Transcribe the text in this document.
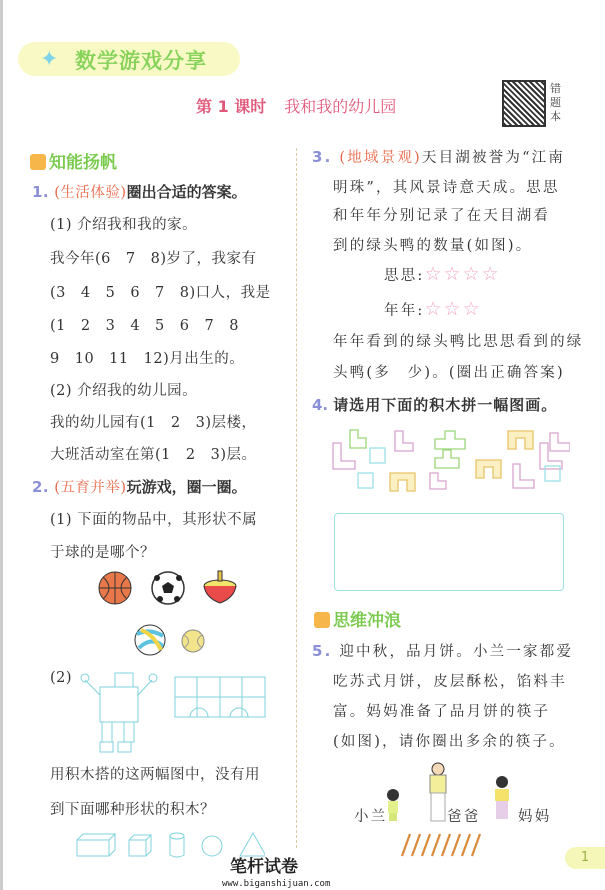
✦ 数学游戏分享
第 1 课时 我和我的幼儿园
错题本
知能扬帆
1. (生活体验)圈出合适的答案。
(1) 介绍我和我的家。
我今年(6　7　8)岁了，我家有
(3　4　5　6　7　8)口人，我是
(1　2　3　4　5　6　7　8
9　10　11　12)月出生的。
(2) 介绍我的幼儿园。
我的幼儿园有(1　2　3)层楼，
大班活动室在第(1　2　3)层。
2. (五育并举)玩游戏，圈一圈。
(1) 下面的物品中，其形状不属
于球的是哪个？
(2)
用积木搭的这两幅图中，没有用
到下面哪种形状的积木？
3. (地域景观)天目湖被誉为“江南
明珠”，其风景诗意天成。思思
和年年分别记录了在天目湖看
到的绿头鸭的数量(如图)。
思思:☆☆☆☆
年年:☆☆☆
年年看到的绿头鸭比思思看到的绿
头鸭(多　少)。(圈出正确答案)
4. 请选用下面的积木拼一幅图画。
思维冲浪
5. 迎中秋，品月饼。小兰一家都爱
吃苏式月饼，皮层酥松，馅料丰
富。妈妈准备了品月饼的筷子
(如图)，请你圈出多余的筷子。
小兰	爸爸	妈妈
1
笔杆试卷
www.biganshijuan.com
